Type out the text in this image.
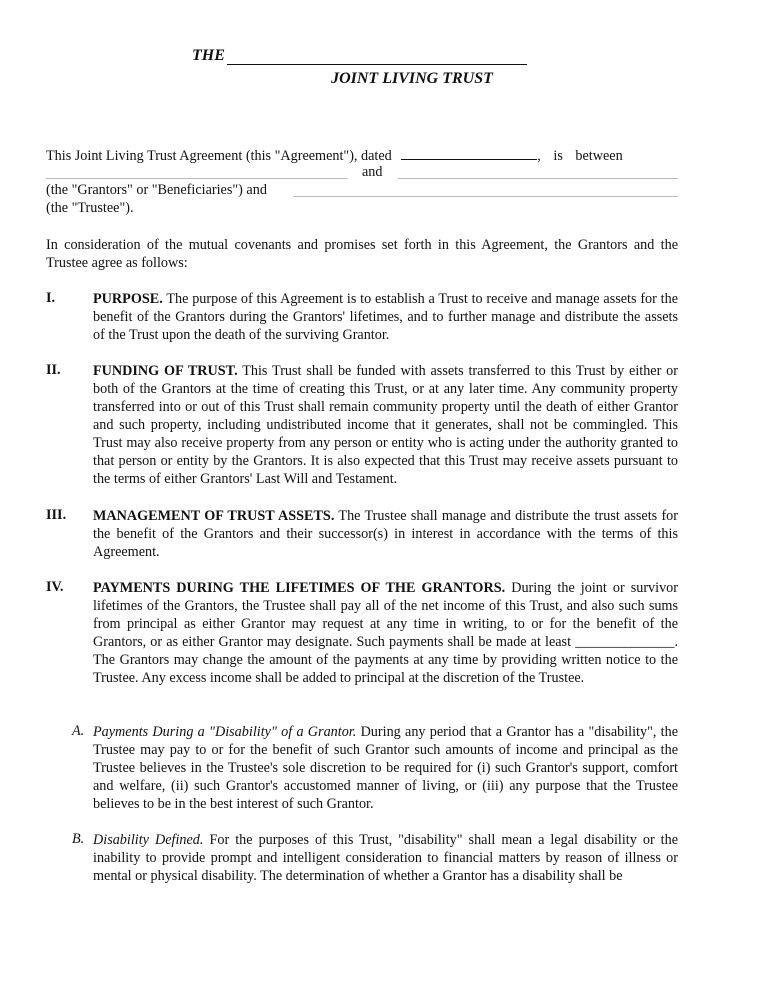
THE
JOINT LIVING TRUST
This Joint Living Trust Agreement (this "Agreement"), dated	, is between
and
(the "Grantors" or "Beneficiaries") and
(the "Trustee").
In consideration of the mutual covenants and promises set forth in this Agreement, the Grantors and the Trustee agree as follows:
I.	PURPOSE. The purpose of this Agreement is to establish a Trust to receive and manage assets for the benefit of the Grantors during the Grantors' lifetimes, and to further manage and distribute the assets of the Trust upon the death of the surviving Grantor.
II. FUNDING OF TRUST. This Trust shall be funded with assets transferred to this Trust by either or both of the Grantors at the time of creating this Trust, or at any later time. Any community property transferred into or out of this Trust shall remain community property until the death of either Grantor and such property, including undistributed income that it generates, shall not be commingled. This Trust may also receive property from any person or entity who is acting under the authority granted to that person or entity by the Grantors. It is also expected that this Trust may receive assets pursuant to the terms of either Grantors' Last Will and Testament.
III. MANAGEMENT OF TRUST ASSETS. The Trustee shall manage and distribute the trust assets for the benefit of the Grantors and their successor(s) in interest in accordance with the terms of this Agreement.
IV. PAYMENTS DURING THE LIFETIMES OF THE GRANTORS. During the joint or survivor lifetimes of the Grantors, the Trustee shall pay all of the net income of this Trust, and also such sums from principal as either Grantor may request at any time in writing, to or for the benefit of the Grantors, or as either Grantor may designate. Such payments shall be made at least ______________. The Grantors may change the amount of the payments at any time by providing written notice to the Trustee. Any excess income shall be added to principal at the discretion of the Trustee.
A. Payments During a "Disability" of a Grantor. During any period that a Grantor has a "disability", the Trustee may pay to or for the benefit of such Grantor such amounts of income and principal as the Trustee believes in the Trustee's sole discretion to be required for (i) such Grantor's support, comfort and welfare, (ii) such Grantor's accustomed manner of living, or (iii) any purpose that the Trustee believes to be in the best interest of such Grantor.
B. Disability Defined. For the purposes of this Trust, "disability" shall mean a legal disability or the inability to provide prompt and intelligent consideration to financial matters by reason of illness or mental or physical disability. The determination of whether a Grantor has a disability shall be
